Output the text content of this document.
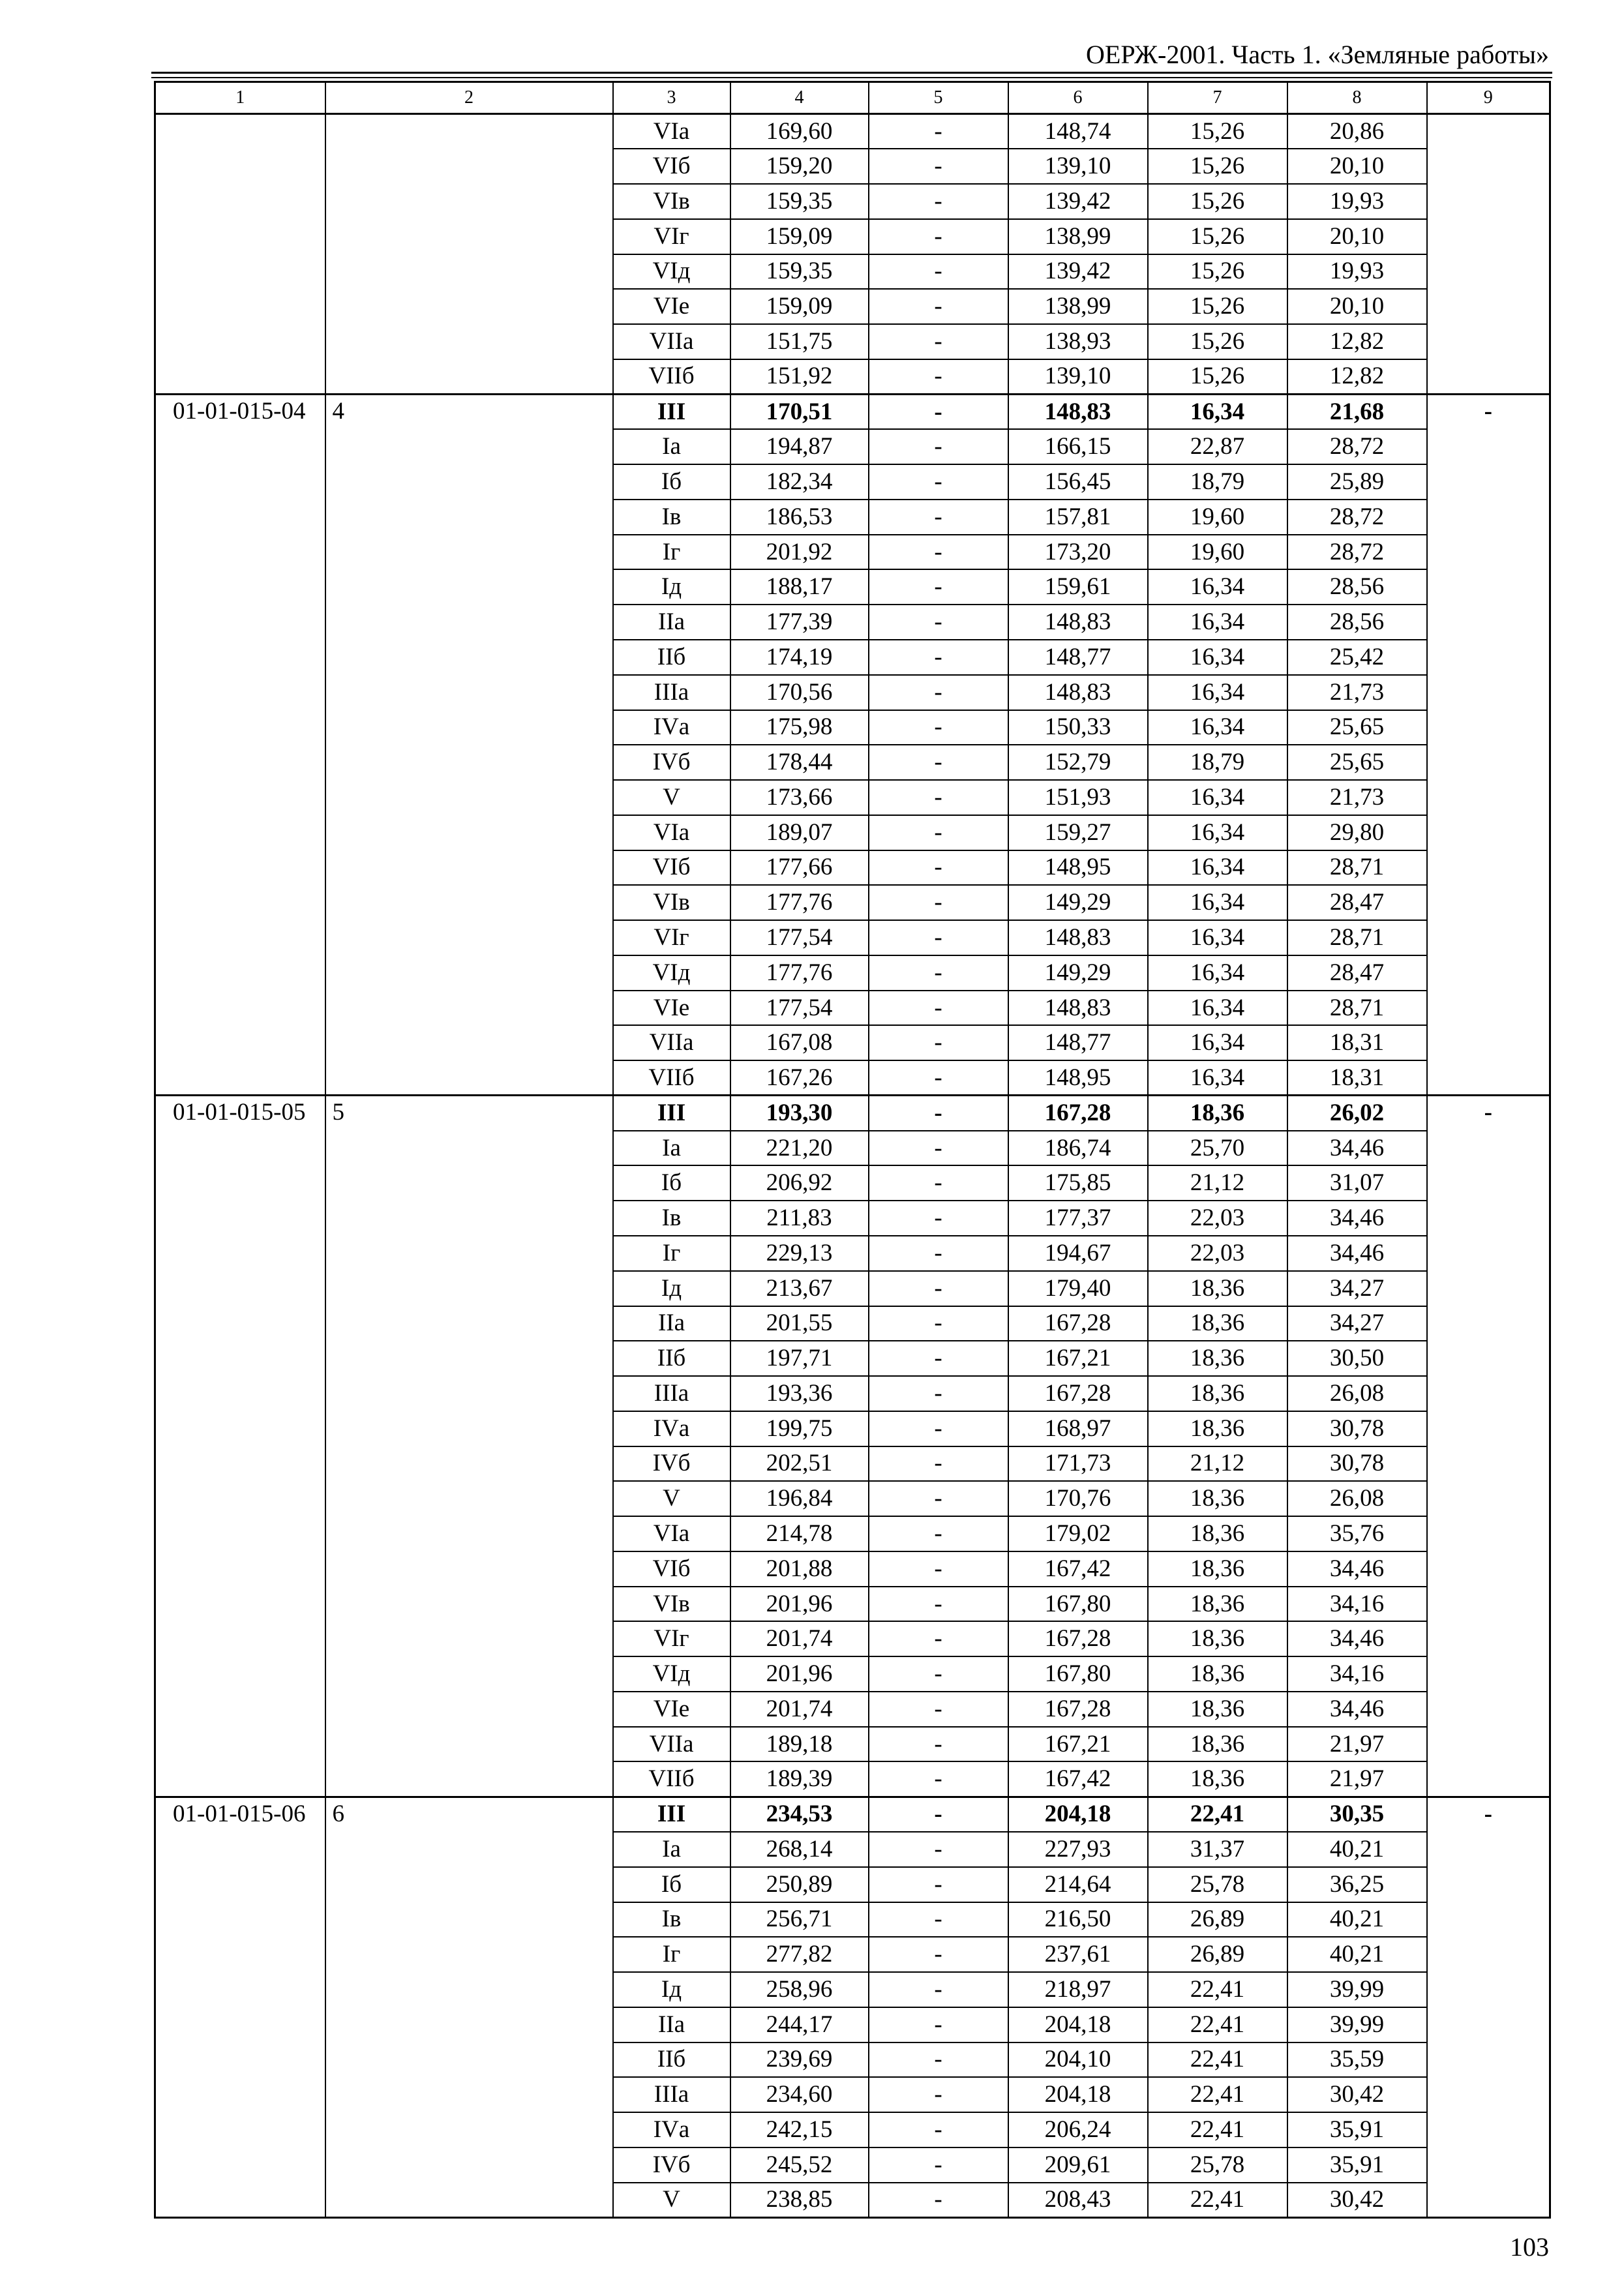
ОЕРЖ-2001. Часть 1. «Земляные работы»
1	2	3	4	5	6	7	8	9
		VIа	169,60	-	148,74	15,26	20,86	
		VIб	159,20	-	139,10	15,26	20,10	
		VIв	159,35	-	139,42	15,26	19,93	
		VIг	159,09	-	138,99	15,26	20,10	
		VIд	159,35	-	139,42	15,26	19,93	
		VIе	159,09	-	138,99	15,26	20,10	
		VIIа	151,75	-	138,93	15,26	12,82	
		VIIб	151,92	-	139,10	15,26	12,82	
01-01-015-04	4	III	170,51	-	148,83	16,34	21,68	-
		Iа	194,87	-	166,15	22,87	28,72	
		Iб	182,34	-	156,45	18,79	25,89	
		Iв	186,53	-	157,81	19,60	28,72	
		Iг	201,92	-	173,20	19,60	28,72	
		Iд	188,17	-	159,61	16,34	28,56	
		IIа	177,39	-	148,83	16,34	28,56	
		IIб	174,19	-	148,77	16,34	25,42	
		IIIа	170,56	-	148,83	16,34	21,73	
		IVа	175,98	-	150,33	16,34	25,65	
		IVб	178,44	-	152,79	18,79	25,65	
		V	173,66	-	151,93	16,34	21,73	
		VIа	189,07	-	159,27	16,34	29,80	
		VIб	177,66	-	148,95	16,34	28,71	
		VIв	177,76	-	149,29	16,34	28,47	
		VIг	177,54	-	148,83	16,34	28,71	
		VIд	177,76	-	149,29	16,34	28,47	
		VIе	177,54	-	148,83	16,34	28,71	
		VIIа	167,08	-	148,77	16,34	18,31	
		VIIб	167,26	-	148,95	16,34	18,31	
01-01-015-05	5	III	193,30	-	167,28	18,36	26,02	-
		Iа	221,20	-	186,74	25,70	34,46	
		Iб	206,92	-	175,85	21,12	31,07	
		Iв	211,83	-	177,37	22,03	34,46	
		Iг	229,13	-	194,67	22,03	34,46	
		Iд	213,67	-	179,40	18,36	34,27	
		IIа	201,55	-	167,28	18,36	34,27	
		IIб	197,71	-	167,21	18,36	30,50	
		IIIа	193,36	-	167,28	18,36	26,08	
		IVа	199,75	-	168,97	18,36	30,78	
		IVб	202,51	-	171,73	21,12	30,78	
		V	196,84	-	170,76	18,36	26,08	
		VIа	214,78	-	179,02	18,36	35,76	
		VIб	201,88	-	167,42	18,36	34,46	
		VIв	201,96	-	167,80	18,36	34,16	
		VIг	201,74	-	167,28	18,36	34,46	
		VIд	201,96	-	167,80	18,36	34,16	
		VIе	201,74	-	167,28	18,36	34,46	
		VIIа	189,18	-	167,21	18,36	21,97	
		VIIб	189,39	-	167,42	18,36	21,97	
01-01-015-06	6	III	234,53	-	204,18	22,41	30,35	-
		Iа	268,14	-	227,93	31,37	40,21	
		Iб	250,89	-	214,64	25,78	36,25	
		Iв	256,71	-	216,50	26,89	40,21	
		Iг	277,82	-	237,61	26,89	40,21	
		Iд	258,96	-	218,97	22,41	39,99	
		IIа	244,17	-	204,18	22,41	39,99	
		IIб	239,69	-	204,10	22,41	35,59	
		IIIа	234,60	-	204,18	22,41	30,42	
		IVа	242,15	-	206,24	22,41	35,91	
		IVб	245,52	-	209,61	25,78	35,91	
		V	238,85	-	208,43	22,41	30,42	
103
